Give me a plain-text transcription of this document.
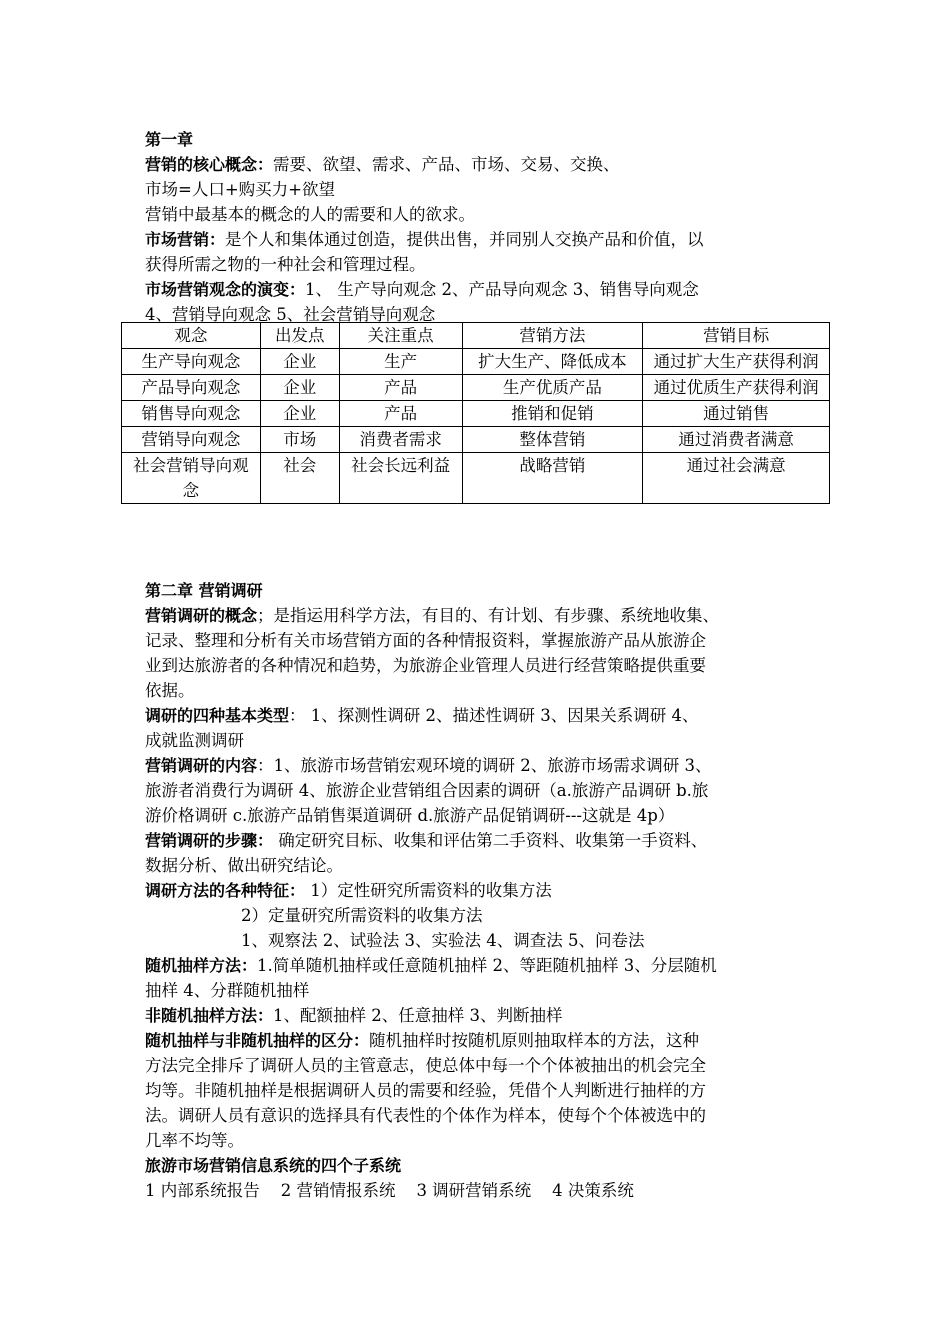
第一章
营销的核心概念：需要、欲望、需求、产品、市场、交易、交换、
市场=人口+购买力+欲望
营销中最基本的概念的人的需要和人的欲求。
市场营销：是个人和集体通过创造，提供出售，并同别人交换产品和价值，以
获得所需之物的一种社会和管理过程。
市场营销观念的演变：1、 生产导向观念 2、产品导向观念 3、销售导向观念
4、营销导向观念 5、社会营销导向观念
观念	出发点	关注重点	营销方法	营销目标
生产导向观念	企业	生产	扩大生产、降低成本	通过扩大生产获得利润
产品导向观念	企业	产品	生产优质产品	通过优质生产获得利润
销售导向观念	企业	产品	推销和促销	通过销售
营销导向观念	市场	消费者需求	整体营销	通过消费者满意
社会营销导向观念	社会	社会长远利益	战略营销	通过社会满意
第二章 营销调研
营销调研的概念；是指运用科学方法，有目的、有计划、有步骤、系统地收集、
记录、整理和分析有关市场营销方面的各种情报资料，掌握旅游产品从旅游企
业到达旅游者的各种情况和趋势，为旅游企业管理人员进行经营策略提供重要
依据。
调研的四种基本类型： 1、探测性调研 2、描述性调研 3、因果关系调研 4、
成就监测调研
营销调研的内容：1、旅游市场营销宏观环境的调研 2、旅游市场需求调研 3、
旅游者消费行为调研 4、旅游企业营销组合因素的调研（a.旅游产品调研 b.旅
游价格调研 c.旅游产品销售渠道调研 d.旅游产品促销调研---这就是 4p）
营销调研的步骤： 确定研究目标、收集和评估第二手资料、收集第一手资料、
数据分析、做出研究结论。
调研方法的各种特征： 1）定性研究所需资料的收集方法
2）定量研究所需资料的收集方法
1、观察法 2、试验法 3、实验法 4、调查法 5、问卷法
随机抽样方法：1.简单随机抽样或任意随机抽样 2、等距随机抽样 3、分层随机
抽样 4、分群随机抽样
非随机抽样方法：1、配额抽样 2、任意抽样 3、判断抽样
随机抽样与非随机抽样的区分：随机抽样时按随机原则抽取样本的方法，这种
方法完全排斥了调研人员的主管意志，使总体中每一个个体被抽出的机会完全
均等。非随机抽样是根据调研人员的需要和经验，凭借个人判断进行抽样的方
法。调研人员有意识的选择具有代表性的个体作为样本，使每个个体被选中的
几率不均等。
旅游市场营销信息系统的四个子系统
1 内部系统报告    2 营销情报系统    3 调研营销系统    4 决策系统
